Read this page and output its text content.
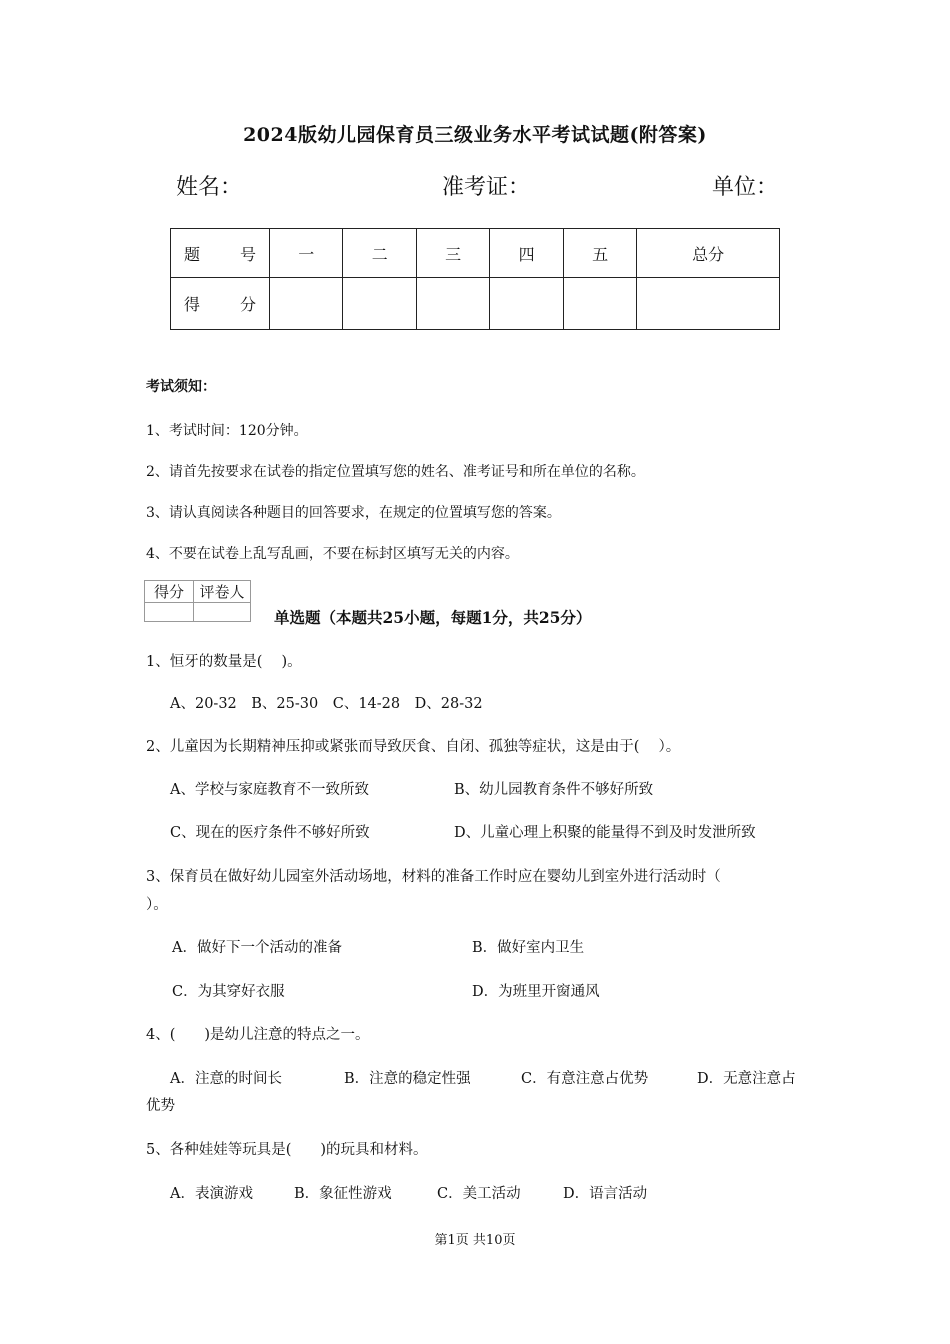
2024版幼儿园保育员三级业务水平考试试题(附答案)
姓名：	准考证：	单位：
题　号	一	二	三	四	五	总分
得　分						
考试须知：
1、考试时间：120分钟。
2、请首先按要求在试卷的指定位置填写您的姓名、准考证号和所在单位的名称。
3、请认真阅读各种题目的回答要求，在规定的位置填写您的答案。
4、不要在试卷上乱写乱画，不要在标封区填写无关的内容。
得分	评卷人

单选题（本题共25小题，每题1分，共25分）
1、恒牙的数量是(　 )。
A、20-32　B、25-30　C、14-28　D、28-32
2、儿童因为长期精神压抑或紧张而导致厌食、自闭、孤独等症状，这是由于(　 ）。
A、学校与家庭教育不一致所致	B、幼儿园教育条件不够好所致
C、现在的医疗条件不够好所致	D、儿童心理上积聚的能量得不到及时发泄所致
3、保育员在做好幼儿园室外活动场地，材料的准备工作时应在婴幼儿到室外进行活动时（
）。
A．做好下一个活动的准备	B．做好室内卫生
C．为其穿好衣服	D．为班里开窗通风
4、(　　)是幼儿注意的特点之一。
A．注意的时间长	B．注意的稳定性强	C．有意注意占优势	D．无意注意占
优势
5、各种娃娃等玩具是(　　)的玩具和材料。
A．表演游戏	B．象征性游戏	C．美工活动	D．语言活动
第1页 共10页
